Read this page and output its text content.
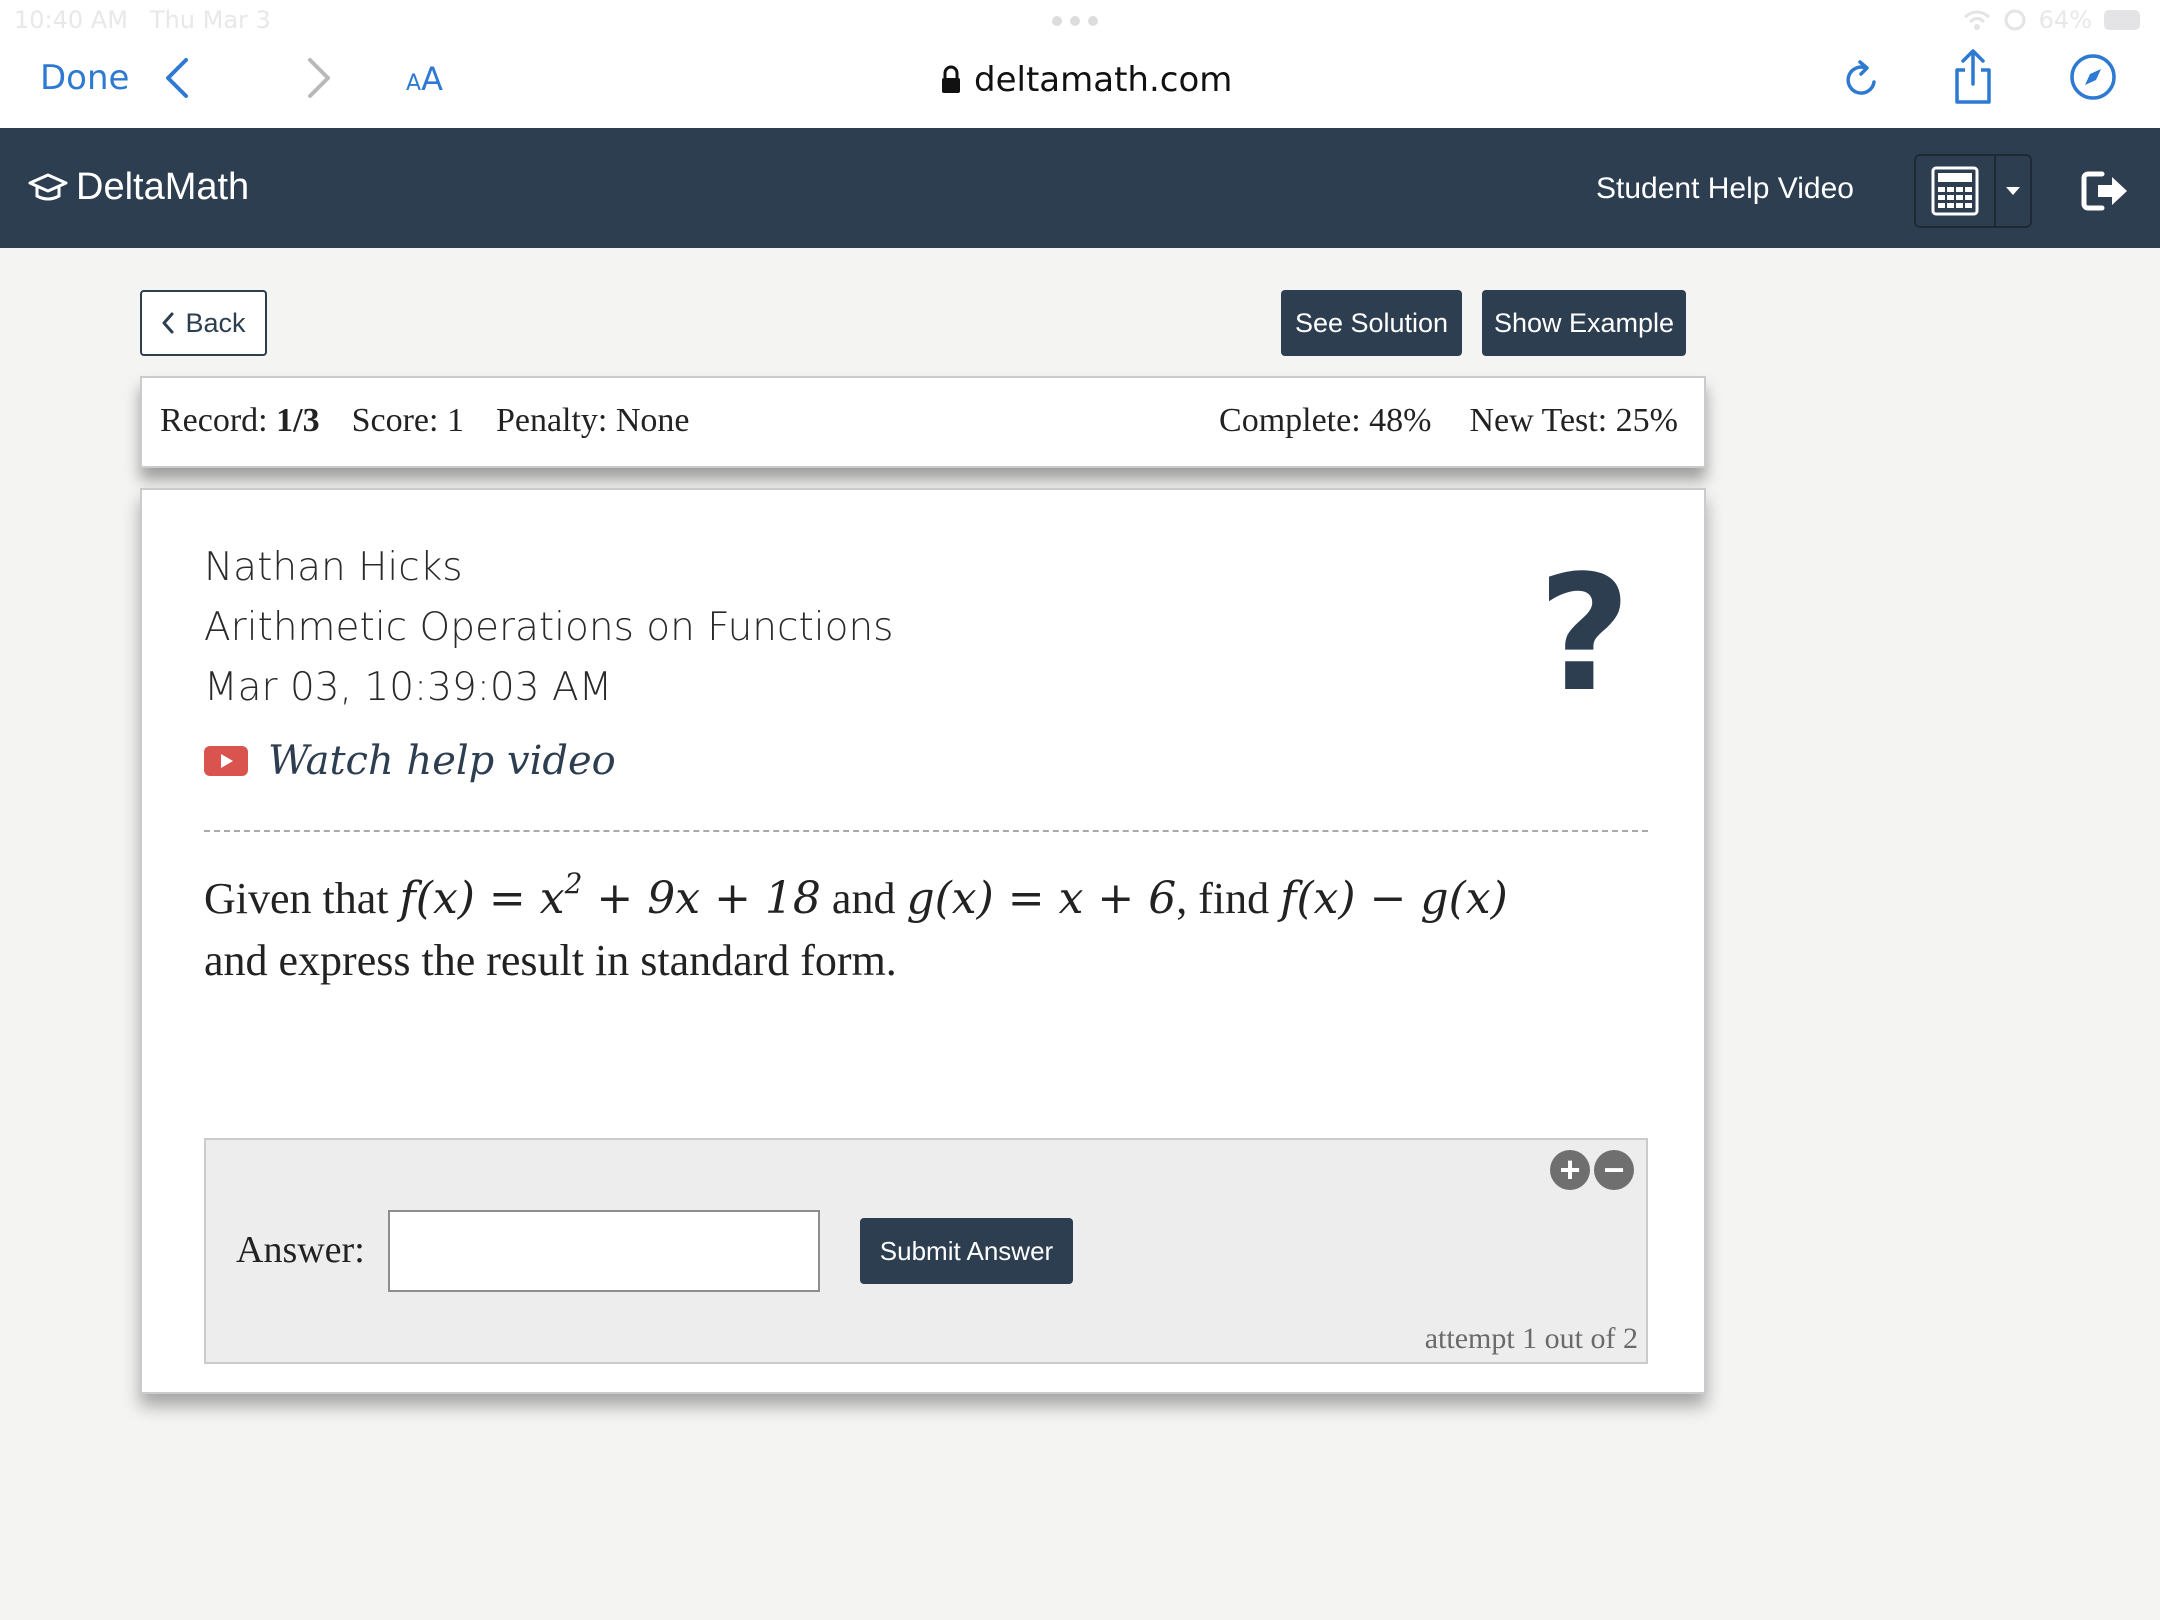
10:40 AM Thu Mar 3	64%
Done	AA	deltamath.com
DeltaMath	Student Help Video
Back	See Solution	Show Example
Record: 1/3 Score: 1 Penalty: None	Complete: 48% New Test: 25%
Nathan Hicks
Arithmetic Operations on Functions
Mar 03, 10:39:03 AM
Watch help video
?
Given that $f(x) = x^2 + 9x + 18$ and g(x) = x + 6, find f(x) − g(x)
and express the result in standard form.
+ −
Answer:	Submit Answer
attempt 1 out of 2
